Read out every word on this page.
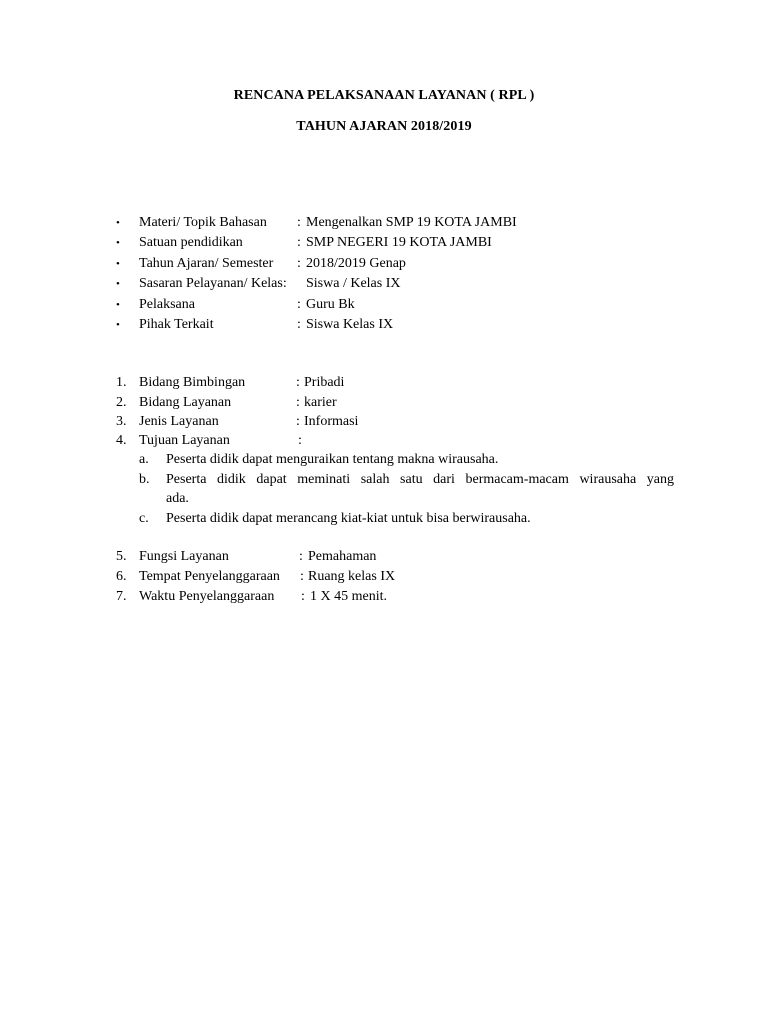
RENCANA PELAKSANAAN LAYANAN ( RPL )
TAHUN AJARAN 2018/2019
• Materi/ Topik Bahasan : Mengenalkan SMP 19 KOTA JAMBI
• Satuan pendidikan	: SMP NEGERI 19 KOTA JAMBI
• Tahun Ajaran/ Semester : 2018/2019 Genap
• Sasaran Pelayanan/ Kelas: Siswa / Kelas IX
• Pelaksana	: Guru Bk
• Pihak Terkait	: Siswa Kelas IX
1. Bidang Bimbingan	: Pribadi
2. Bidang Layanan	: karier
3. Jenis Layanan	: Informasi
4. Tujuan Layanan	:
a. Peserta didik dapat menguraikan tentang makna wirausaha.
b. Peserta didik dapat meminati salah satu dari bermacam-macam wirausaha yang
ada.
c. Peserta didik dapat merancang kiat-kiat untuk bisa berwirausaha.
5. Fungsi Layanan	: Pemahaman
6. Tempat Penyelanggaraan : Ruang kelas IX
7. Waktu Penyelanggaraan : 1 X 45 menit.
